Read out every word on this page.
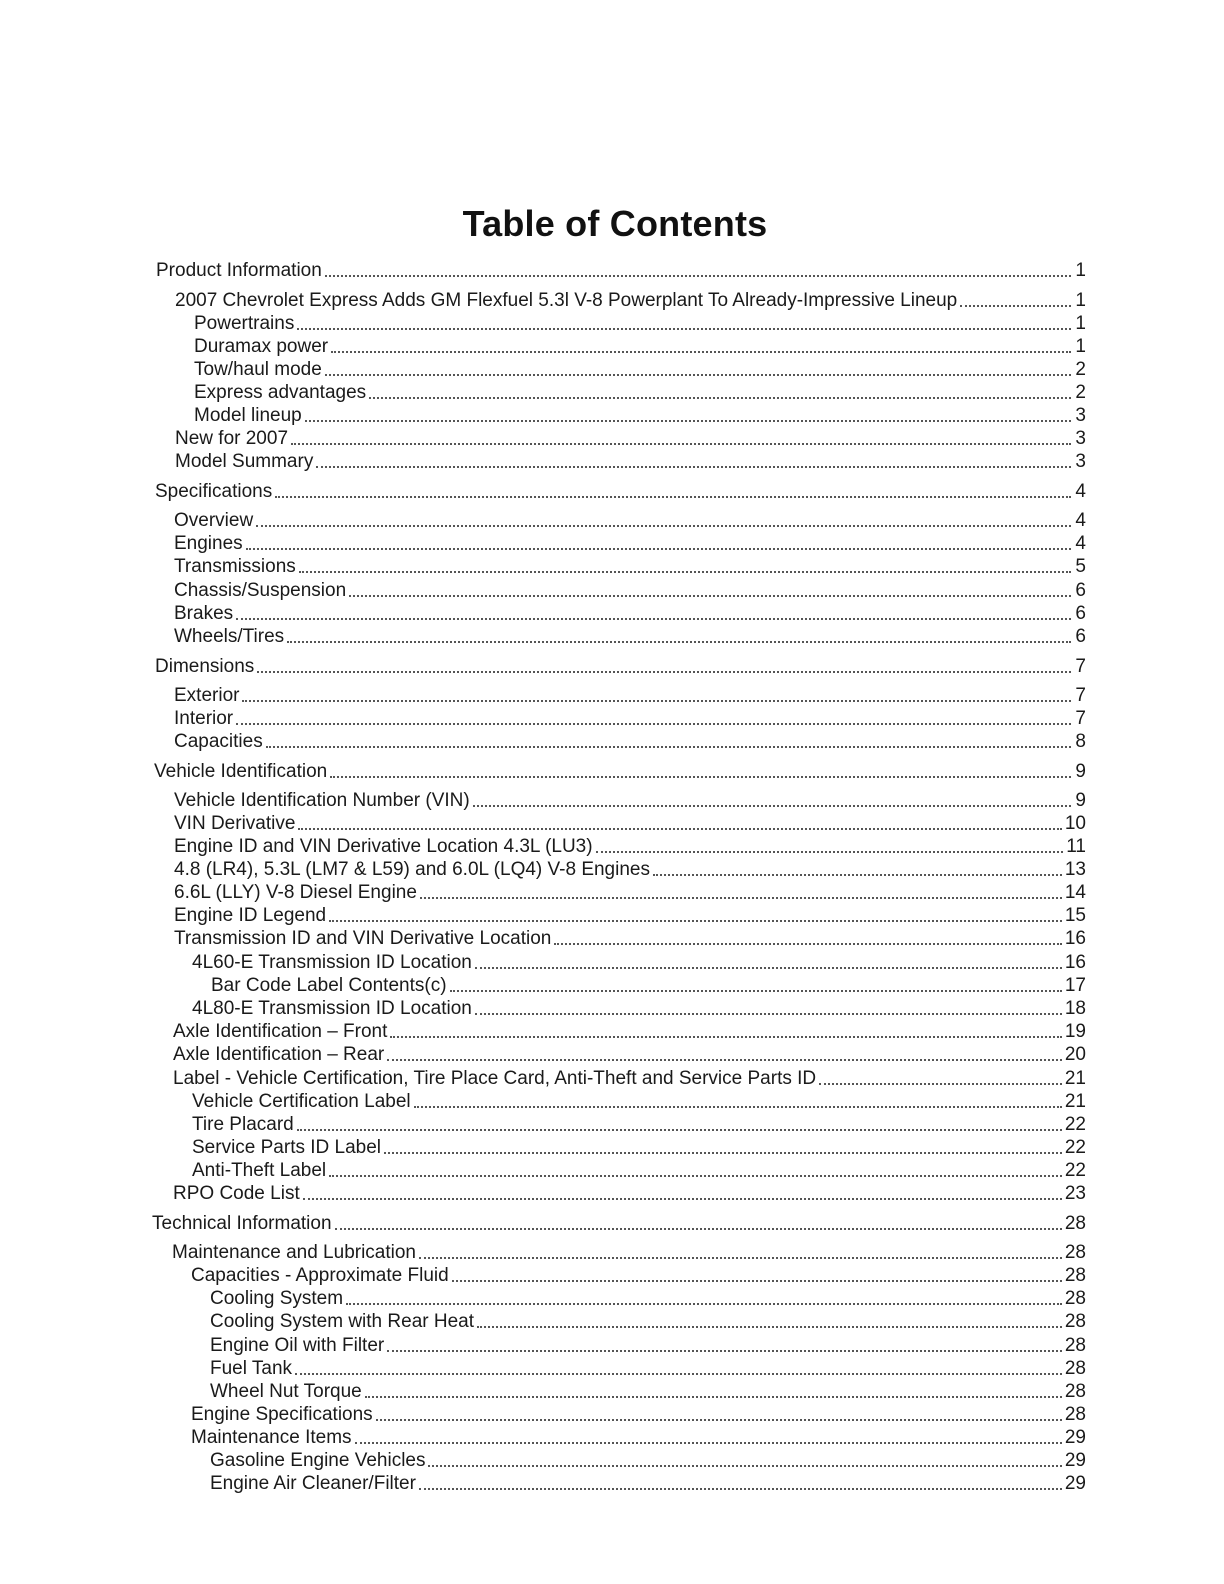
Table of Contents
Product Information	1
2007 Chevrolet Express Adds GM Flexfuel 5.3l V-8 Powerplant To Already-Impressive Lineup	1
Powertrains	1
Duramax power	1
Tow/haul mode	2
Express advantages	2
Model lineup	3
New for 2007	3
Model Summary	3
Specifications	4
Overview	4
Engines	4
Transmissions	5
Chassis/Suspension	6
Brakes	6
Wheels/Tires	6
Dimensions	7
Exterior	7
Interior	7
Capacities	8
Vehicle Identification	9
Vehicle Identification Number (VIN)	9
VIN Derivative	10
Engine ID and VIN Derivative Location 4.3L (LU3)	11
4.8 (LR4), 5.3L (LM7 & L59) and 6.0L (LQ4) V-8 Engines	13
6.6L (LLY) V-8 Diesel Engine	14
Engine ID Legend	15
Transmission ID and VIN Derivative Location	16
4L60-E Transmission ID Location	16
Bar Code Label Contents(c)	17
4L80-E Transmission ID Location	18
Axle Identification – Front	19
Axle Identification – Rear	20
Label - Vehicle Certification, Tire Place Card, Anti-Theft and Service Parts ID	21
Vehicle Certification Label	21
Tire Placard	22
Service Parts ID Label	22
Anti-Theft Label	22
RPO Code List	23
Technical Information	28
Maintenance and Lubrication	28
Capacities - Approximate Fluid	28
Cooling System	28
Cooling System with Rear Heat	28
Engine Oil with Filter	28
Fuel Tank	28
Wheel Nut Torque	28
Engine Specifications	28
Maintenance Items	29
Gasoline Engine Vehicles	29
Engine Air Cleaner/Filter	29
